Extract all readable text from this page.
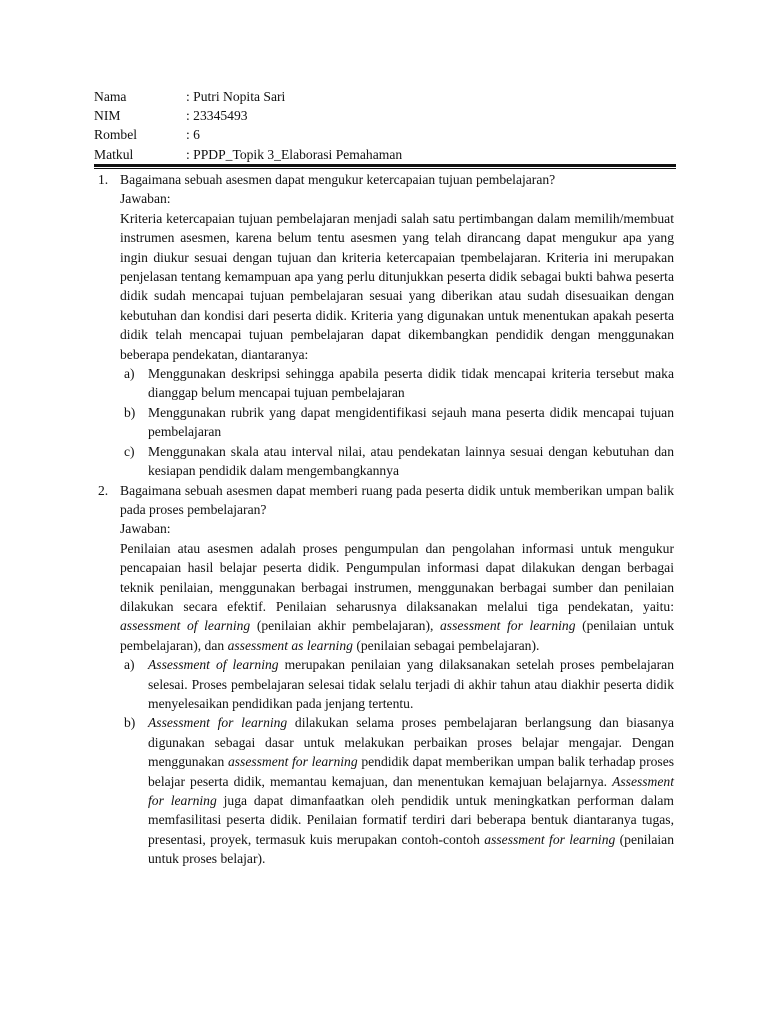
Nama	: Putri Nopita Sari
NIM	: 23345493
Rombel	: 6
Matkul	: PPDP_Topik 3_Elaborasi Pemahaman
1. Bagaimana sebuah asesmen dapat mengukur ketercapaian tujuan pembelajaran?
Jawaban:
Kriteria ketercapaian tujuan pembelajaran menjadi salah satu pertimbangan dalam memilih/membuat instrumen asesmen, karena belum tentu asesmen yang telah dirancang dapat mengukur apa yang ingin diukur sesuai dengan tujuan dan kriteria ketercapaian tpembelajaran. Kriteria ini merupakan penjelasan tentang kemampuan apa yang perlu ditunjukkan peserta didik sebagai bukti bahwa peserta didik sudah mencapai tujuan pembelajaran sesuai yang diberikan atau sudah disesuaikan dengan kebutuhan dan kondisi dari peserta didik. Kriteria yang digunakan untuk menentukan apakah peserta didik telah mencapai tujuan pembelajaran dapat dikembangkan pendidik dengan menggunakan beberapa pendekatan, diantaranya:
a) Menggunakan deskripsi sehingga apabila peserta didik tidak mencapai kriteria tersebut maka dianggap belum mencapai tujuan pembelajaran
b) Menggunakan rubrik yang dapat mengidentifikasi sejauh mana peserta didik mencapai tujuan pembelajaran
c) Menggunakan skala atau interval nilai, atau pendekatan lainnya sesuai dengan kebutuhan dan kesiapan pendidik dalam mengembangkannya
2. Bagaimana sebuah asesmen dapat memberi ruang pada peserta didik untuk memberikan umpan balik pada proses pembelajaran?
Jawaban:
Penilaian atau asesmen adalah proses pengumpulan dan pengolahan informasi untuk mengukur pencapaian hasil belajar peserta didik. Pengumpulan informasi dapat dilakukan dengan berbagai teknik penilaian, menggunakan berbagai instrumen, menggunakan berbagai sumber dan penilaian dilakukan secara efektif. Penilaian seharusnya dilaksanakan melalui tiga pendekatan, yaitu: assessment of learning (penilaian akhir pembelajaran), assessment for learning (penilaian untuk pembelajaran), dan assessment as learning (penilaian sebagai pembelajaran).
a) Assessment of learning merupakan penilaian yang dilaksanakan setelah proses pembelajaran selesai. Proses pembelajaran selesai tidak selalu terjadi di akhir tahun atau diakhir peserta didik menyelesaikan pendidikan pada jenjang tertentu.
b) Assessment for learning dilakukan selama proses pembelajaran berlangsung dan biasanya digunakan sebagai dasar untuk melakukan perbaikan proses belajar mengajar. Dengan menggunakan assessment for learning pendidik dapat memberikan umpan balik terhadap proses belajar peserta didik, memantau kemajuan, dan menentukan kemajuan belajarnya. Assessment for learning juga dapat dimanfaatkan oleh pendidik untuk meningkatkan performan dalam memfasilitasi peserta didik. Penilaian formatif terdiri dari beberapa bentuk diantaranya tugas, presentasi, proyek, termasuk kuis merupakan contoh-contoh assessment for learning (penilaian untuk proses belajar).
